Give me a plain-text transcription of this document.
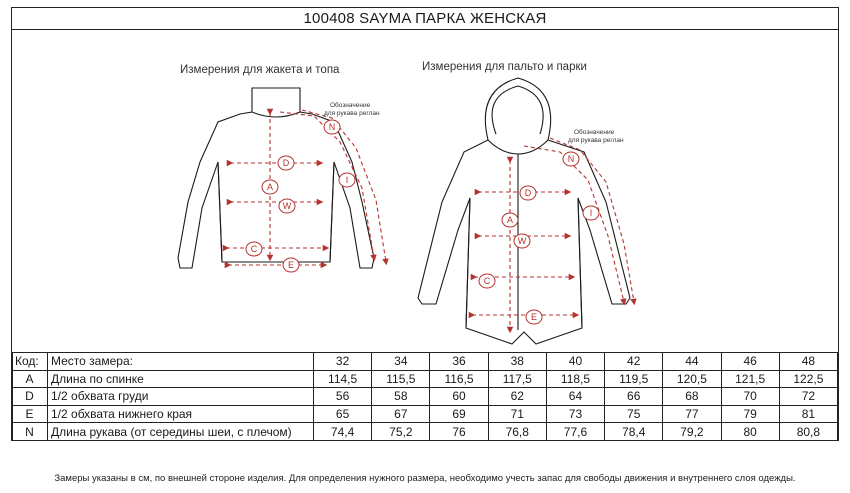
100408 SAYMA ПАРКА ЖЕНСКАЯ
Измерения для жакета и топа	Измерения для пальто и парки
Обозначение
для рукава реглан
N
D
A
W
I
C
E
Обозначение
для рукава реглан
N
D
A
W
I
C
E
Код:	Место замера:	32	34	36	38	40	42	44	46	48
A	Длина по спинке	114,5	115,5	116,5	117,5	118,5	119,5	120,5	121,5	122,5
D	1/2 обхвата груди	56	58	60	62	64	66	68	70	72
E	1/2 обхвата нижнего края	65	67	69	71	73	75	77	79	81
N	Длина рукава (от середины шеи, с плечом)	74,4	75,2	76	76,8	77,6	78,4	79,2	80	80,8
Замеры указаны в см, по внешней стороне изделия. Для определения нужного размера, необходимо учесть запас для свободы движения и внутреннего слоя одежды.
